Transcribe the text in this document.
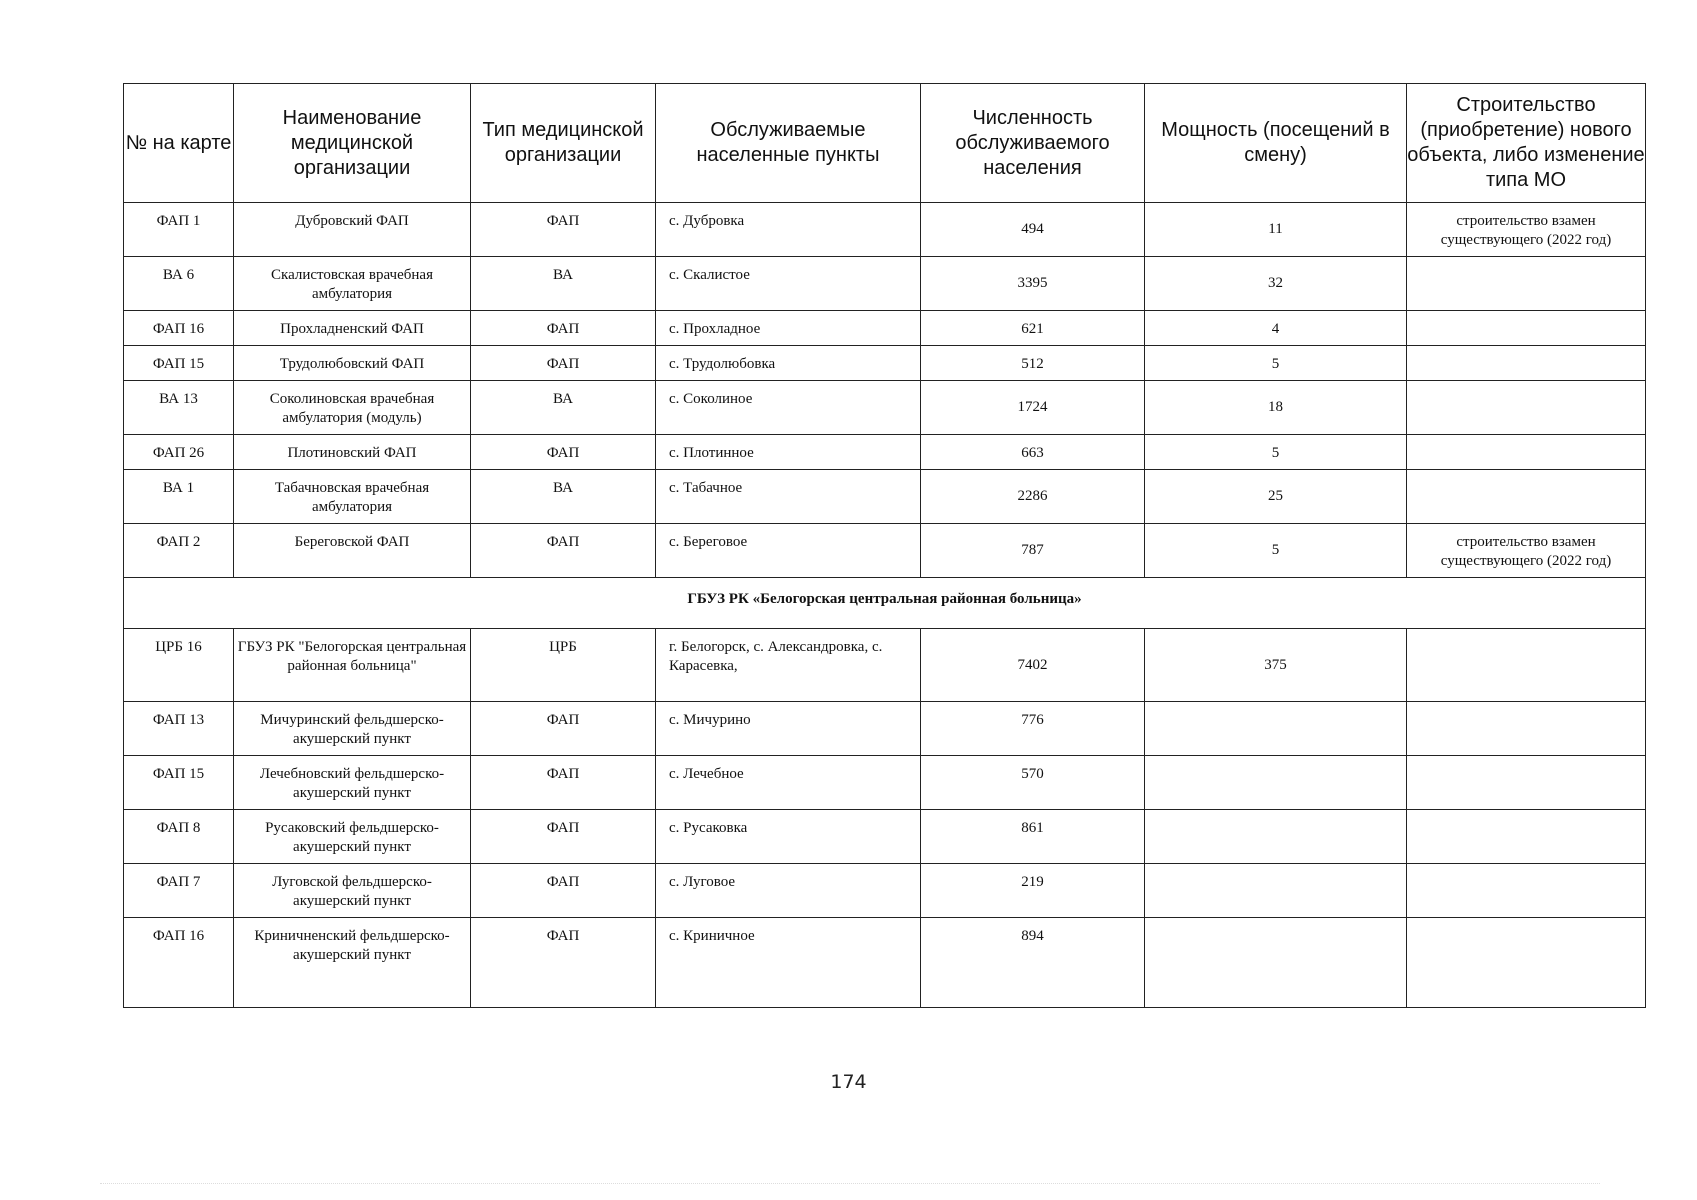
№ на карте	Наименование медицинской организации	Тип медицинской организации	Обслуживаемые населенные пункты	Численность обслуживаемого населения	Мощность (посещений в смену)	Строительство (приобретение) нового объекта, либо изменение типа МО
ФАП 1	Дубровский ФАП	ФАП	с. Дубровка	494	11	строительство взамен существующего (2022 год)
ВА 6	Скалистовская врачебная амбулатория	ВА	с. Скалистое	3395	32	
ФАП 16	Прохладненский ФАП	ФАП	с. Прохладное	621	4	
ФАП 15	Трудолюбовский ФАП	ФАП	с. Трудолюбовка	512	5	
ВА 13	Соколиновская врачебная амбулатория (модуль)	ВА	с. Соколиное	1724	18	
ФАП 26	Плотиновский ФАП	ФАП	с. Плотинное	663	5	
ВА 1	Табачновская врачебная амбулатория	ВА	с. Табачное	2286	25	
ФАП 2	Береговской ФАП	ФАП	с. Береговое	787	5	строительство взамен существующего (2022 год)
ГБУЗ РК «Белогорская центральная районная больница»						
ЦРБ 16	ГБУЗ РК "Белогорская центральная районная больница"	ЦРБ	г. Белогорск, с. Александровка, с. Карасевка,	7402	375	
ФАП 13	Мичуринский фельдшерско-акушерский пункт	ФАП	с. Мичурино	776		
ФАП 15	Лечебновский фельдшерско-акушерский пункт	ФАП	с. Лечебное	570		
ФАП 8	Русаковский фельдшерско-акушерский пункт	ФАП	с. Русаковка	861		
ФАП 7	Луговской фельдшерско-акушерский пункт	ФАП	с. Луговое	219		
ФАП 16	Криничненский фельдшерско- акушерский пункт	ФАП	с. Криничное	894		
174
